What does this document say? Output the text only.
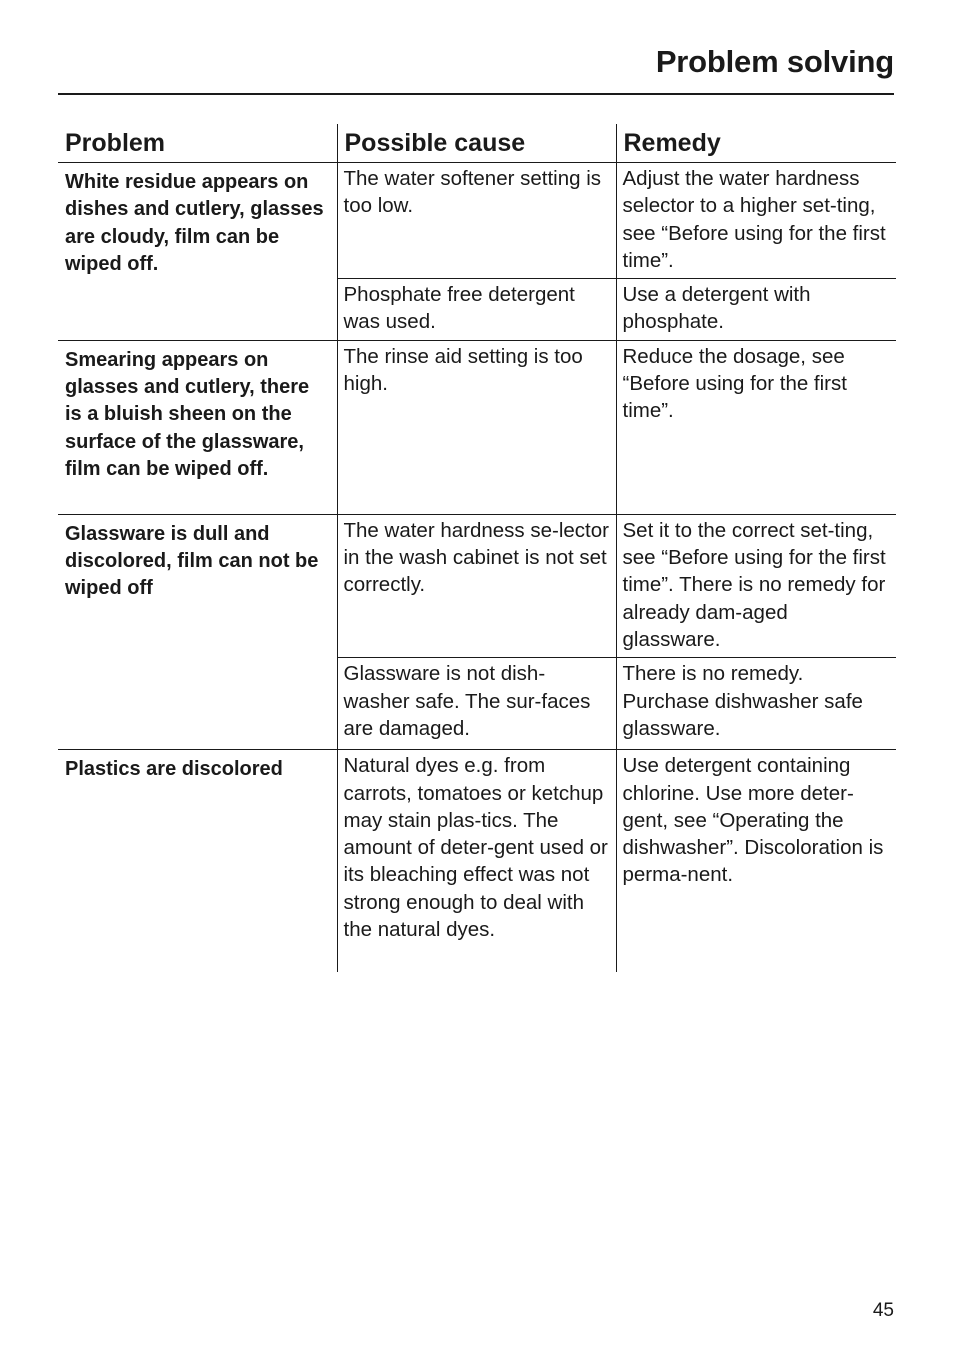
Problem solving
Problem	Possible cause	Remedy
White residue appears on dishes and cutlery, glasses are cloudy, film can be wiped off.	The water softener setting is too low.	Adjust the water hardness selector to a higher set-ting, see “Before using for the first time”.
	Phosphate free detergent was used.	Use a detergent with phosphate.
Smearing appears on glasses and cutlery, there is a bluish sheen on the surface of the glassware, film can be wiped off.	The rinse aid setting is too high.	Reduce the dosage, see “Before using for the first time”.
Glassware is dull and discolored, film can not be wiped off	The water hardness se-lector in the wash cabinet is not set correctly.	Set it to the correct set-ting, see “Before using for the first time”. There is no remedy for already dam-aged glassware.
	Glassware is not dish-washer safe. The sur-faces are damaged.	There is no remedy. Purchase dishwasher safe glassware.
Plastics are discolored	Natural dyes e.g. from carrots, tomatoes or ketchup may stain plas-tics. The amount of deter-gent used or its bleaching effect was not strong enough to deal with the natural dyes.	Use detergent containing chlorine. Use more deter-gent, see “Operating the dishwasher”. Discoloration is perma-nent.
45
